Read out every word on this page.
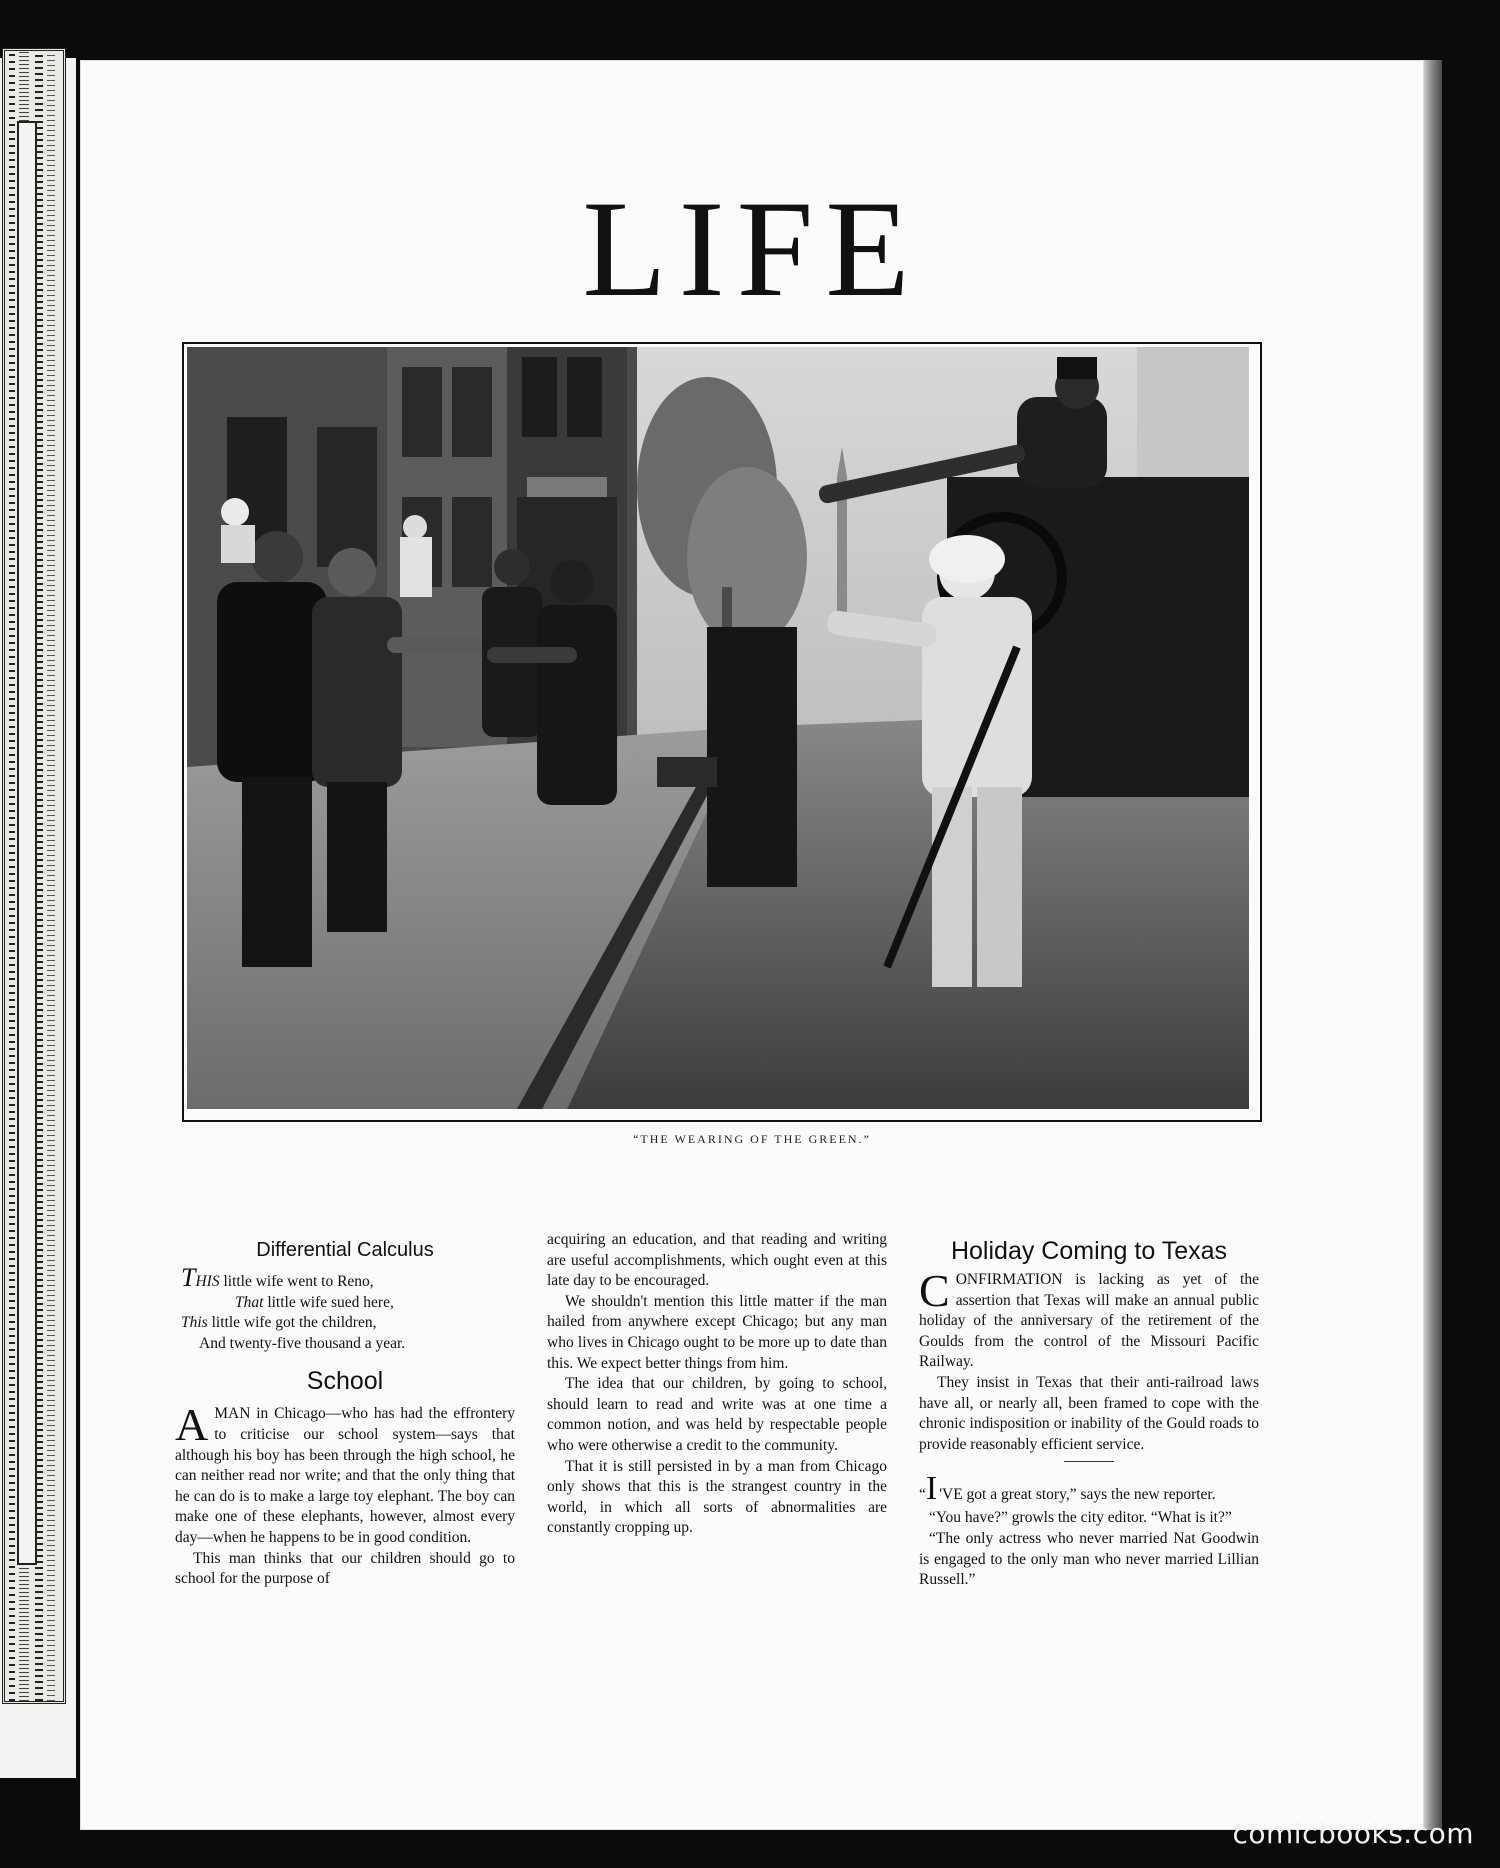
LIFE
“THE WEARING OF THE GREEN.”
Differential Calculus
THIS little wife went to Reno,
That little wife sued here,
This little wife got the children,
And twenty-five thousand a year.
School

AMAN in Chicago—who has had the effrontery to criticise our school system—says that although his boy has been through the high school, he can neither read nor write; and that the only thing that he can do is to make a large toy elephant. The boy can make one of these elephants, however, almost every day—when he happens to be in good condition.

This man thinks that our children should go to school for the purpose of

acquiring an education, and that reading and writing are useful accomplishments, which ought even at this late day to be encouraged.

We shouldn't mention this little matter if the man hailed from anywhere except Chicago; but any man who lives in Chicago ought to be more up to date than this. We expect better things from him.

The idea that our children, by going to school, should learn to read and write was at one time a common notion, and was held by respectable people who were otherwise a credit to the community.

That it is still persisted in by a man from Chicago only shows that this is the strangest country in the world, in which all sorts of abnormalities are constantly cropping up.

Holiday Coming to Texas

CONFIRMATION is lacking as yet of the assertion that Texas will make an annual public holiday of the anniversary of the retirement of the Goulds from the control of the Missouri Pacific Railway.

They insist in Texas that their anti-railroad laws have all, or nearly all, been framed to cope with the chronic indisposition or inability of the Gould roads to provide reasonably efficient service.

“I 'VE got a great story,” says the new reporter.

“You have?” growls the city editor. “What is it?”

“The only actress who never married Nat Goodwin is engaged to the only man who never married Lillian Russell.”

comicbooks.com
